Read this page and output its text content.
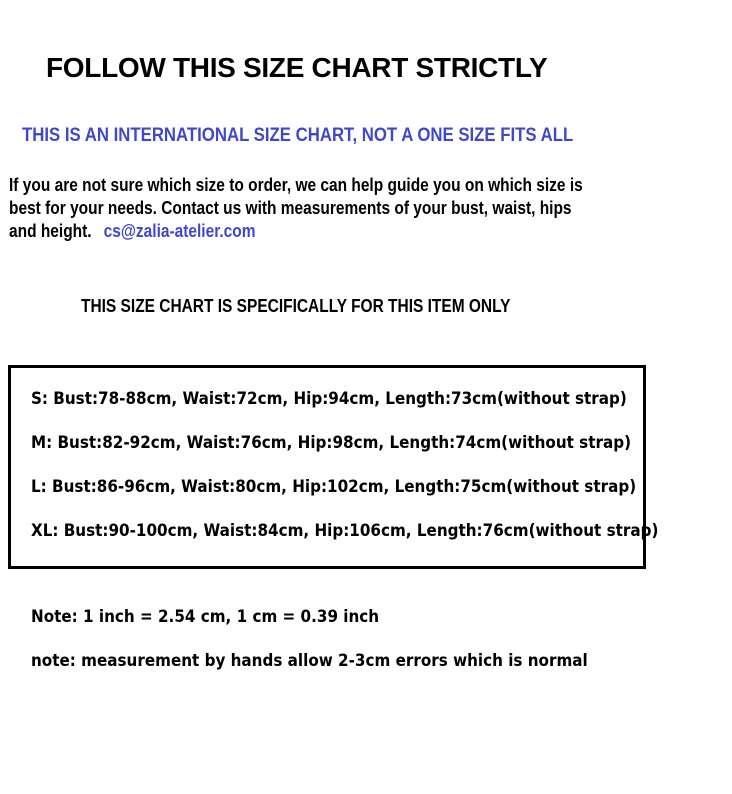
FOLLOW THIS SIZE CHART STRICTLY
THIS IS AN INTERNATIONAL SIZE CHART, NOT A ONE SIZE FITS ALL
If you are not sure which size to order, we can help guide you on which size is
best for your needs. Contact us with measurements of your bust, waist, hips
and height. cs@zalia-atelier.com
THIS SIZE CHART IS SPECIFICALLY FOR THIS ITEM ONLY
S: Bust:78-88cm, Waist:72cm, Hip:94cm, Length:73cm(without strap)
M: Bust:82-92cm, Waist:76cm, Hip:98cm, Length:74cm(without strap)
L: Bust:86-96cm, Waist:80cm, Hip:102cm, Length:75cm(without strap)
XL: Bust:90-100cm, Waist:84cm, Hip:106cm, Length:76cm(without strap)
Note: 1 inch = 2.54 cm, 1 cm = 0.39 inch
note: measurement by hands allow 2-3cm errors which is normal
